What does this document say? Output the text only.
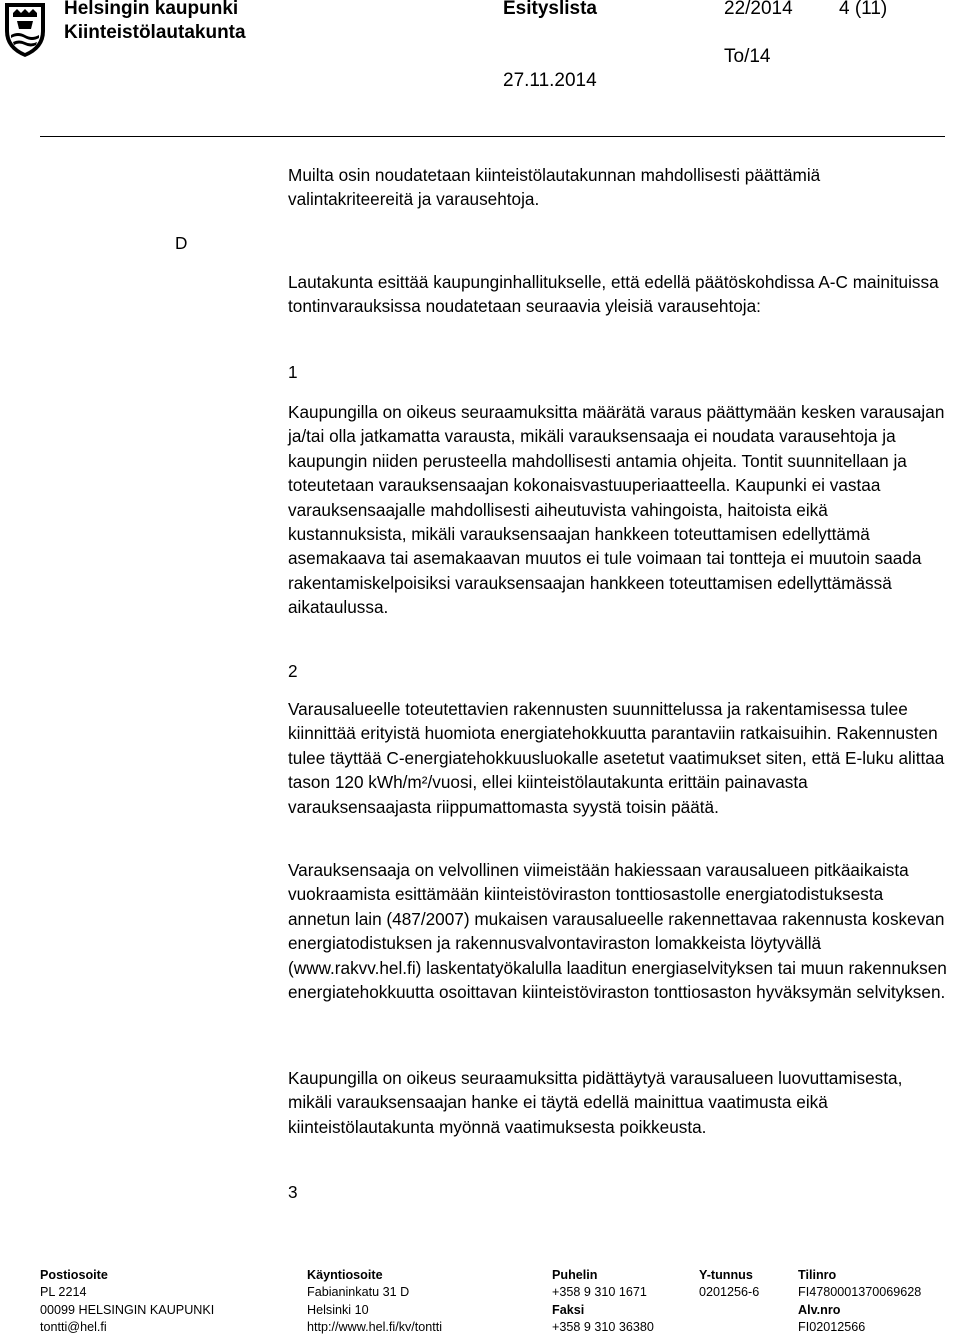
Helsingin kaupunki
Kiinteistölautakunta
Esityslista	22/2014 4 (11)
To/14
27.11.2014
Muilta osin noudatetaan kiinteistölautakunnan mahdollisesti päättämiä valintakriteereitä ja varausehtoja.
D
Lautakunta esittää kaupunginhallitukselle, että edellä päätöskohdissa A-C mainituissa tontinvarauksissa noudatetaan seuraavia yleisiä varausehtoja:
1
Kaupungilla on oikeus seuraamuksitta määrätä varaus päättymään kesken varausajan ja/tai olla jatkamatta varausta, mikäli varauksensaaja ei noudata varausehtoja ja kaupungin niiden perusteella mahdollisesti antamia ohjeita. Tontit suunnitellaan ja toteutetaan varauksensaajan kokonaisvastuuperiaatteella. Kaupunki ei vastaa varauksensaajalle mahdollisesti aiheutuvista vahingoista, haitoista eikä kustannuksista, mikäli varauksensaajan hankkeen toteuttamisen edellyttämä asemakaava tai asemakaavan muutos ei tule voimaan tai tontteja ei muutoin saada rakentamiskelpoisiksi varauksensaajan hankkeen toteuttamisen edellyttämässä aikataulussa.
2
Varausalueelle toteutettavien rakennusten suunnittelussa ja rakentamisessa tulee kiinnittää erityistä huomiota energiatehokkuutta parantaviin ratkaisuihin. Rakennusten tulee täyttää C-energiatehokkuusluokalle asetetut vaatimukset siten, että E-luku alittaa tason 120 kWh/m²/vuosi, ellei kiinteistölautakunta erittäin painavasta varauksensaajasta riippumattomasta syystä toisin päätä.
Varauksensaaja on velvollinen viimeistään hakiessaan varausalueen pitkäaikaista vuokraamista esittämään kiinteistöviraston tonttiosastolle energiatodistuksesta annetun lain (487/2007) mukaisen varausalueelle rakennettavaa rakennusta koskevan energiatodistuksen ja rakennusvalvontaviraston lomakkeista löytyvällä (www.rakvv.hel.fi) laskentatyökalulla laaditun energiaselvityksen tai muun rakennuksen energiatehokkuutta osoittavan kiinteistöviraston tonttiosaston hyväksymän selvityksen.
Kaupungilla on oikeus seuraamuksitta pidättäytyä varausalueen luovuttamisesta, mikäli varauksensaajan hanke ei täytä edellä mainittua vaatimusta eikä kiinteistölautakunta myönnä vaatimuksesta poikkeusta.
3
Postiosoite
PL 2214
00099 HELSINGIN KAUPUNKI
tontti@hel.fi
Käyntiosoite
Fabianinkatu 31 D
Helsinki 10
http://www.hel.fi/kv/tontti
Puhelin
+358 9 310 1671
Faksi
+358 9 310 36380
Y-tunnus
0201256-6
Tilinro
FI4780001370069628
Alv.nro
FI02012566
